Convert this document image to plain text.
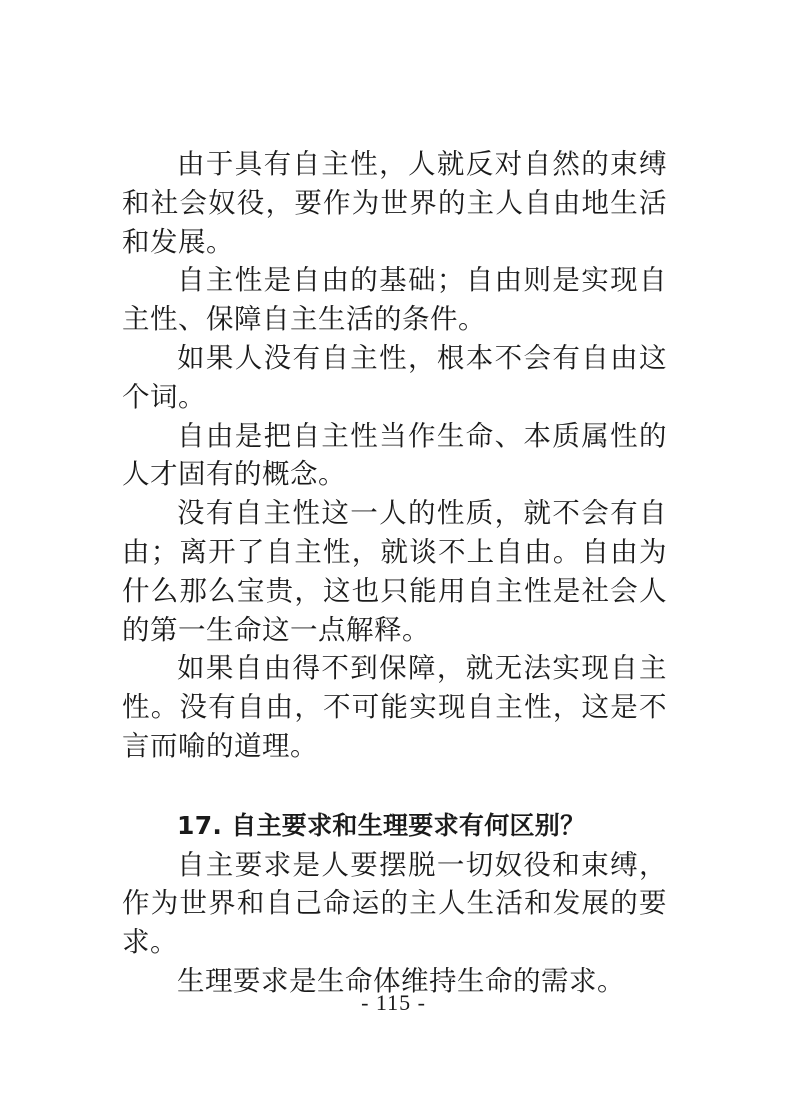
由于具有自主性，人就反对自然的束缚和社会奴役，要作为世界的主人自由地生活和发展。

自主性是自由的基础；自由则是实现自主性、保障自主生活的条件。

如果人没有自主性，根本不会有自由这个词。

自由是把自主性当作生命、本质属性的人才固有的概念。

没有自主性这一人的性质，就不会有自由；离开了自主性，就谈不上自由。自由为什么那么宝贵，这也只能用自主性是社会人的第一生命这一点解释。

如果自由得不到保障，就无法实现自主性。没有自由，不可能实现自主性，这是不言而喻的道理。

17. 自主要求和生理要求有何区别？

自主要求是人要摆脱一切奴役和束缚，作为世界和自己命运的主人生活和发展的要求。

生理要求是生命体维持生命的需求。

- 115 -
